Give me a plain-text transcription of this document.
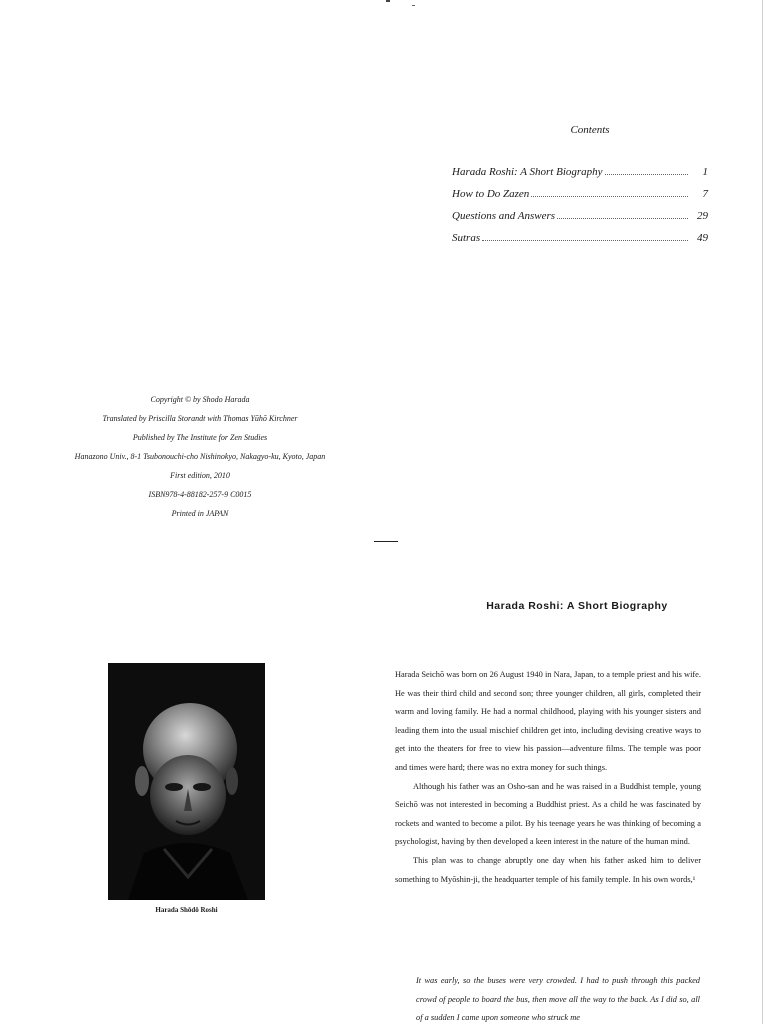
Contents
Harada Roshi: A Short Biography	1
How to Do Zazen	7
Questions and Answers	29
Sutras	49
Copyright © by Shodo Harada
Translated by Priscilla Storandt with Thomas Yūhō Kirchner
Published by The Institute for Zen Studies
Hanazono Univ., 8-1 Tsubonouchi-cho Nishinokyo, Nakagyo-ku, Kyoto, Japan
First edition, 2010
ISBN978-4-88182-257-9 C0015
Printed in JAPAN
Harada Roshi: A Short Biography
Harada Shōdō Roshi

Harada Seichō was born on 26 August 1940 in Nara, Japan, to a temple priest and his wife. He was their third child and second son; three younger children, all girls, completed their warm and loving family. He had a normal childhood, playing with his younger sisters and leading them into the usual mischief children get into, including devising creative ways to get into the theaters for free to view his passion—adventure films. The temple was poor and times were hard; there was no extra money for such things.

Although his father was an Osho-san and he was raised in a Buddhist temple, young Seichō was not interested in becoming a Buddhist priest. As a child he was fascinated by rockets and wanted to become a pilot. By his teenage years he was thinking of becoming a psychologist, having by then developed a keen interest in the nature of the human mind.

This plan was to change abruptly one day when his father asked him to deliver something to Myōshin-ji, the headquarter temple of his family temple. In his own words,¹

It was early, so the buses were very crowded. I had to push through this packed crowd of people to board the bus, then move all the way to the back. As I did so, all of a sudden I came upon someone who struck me
